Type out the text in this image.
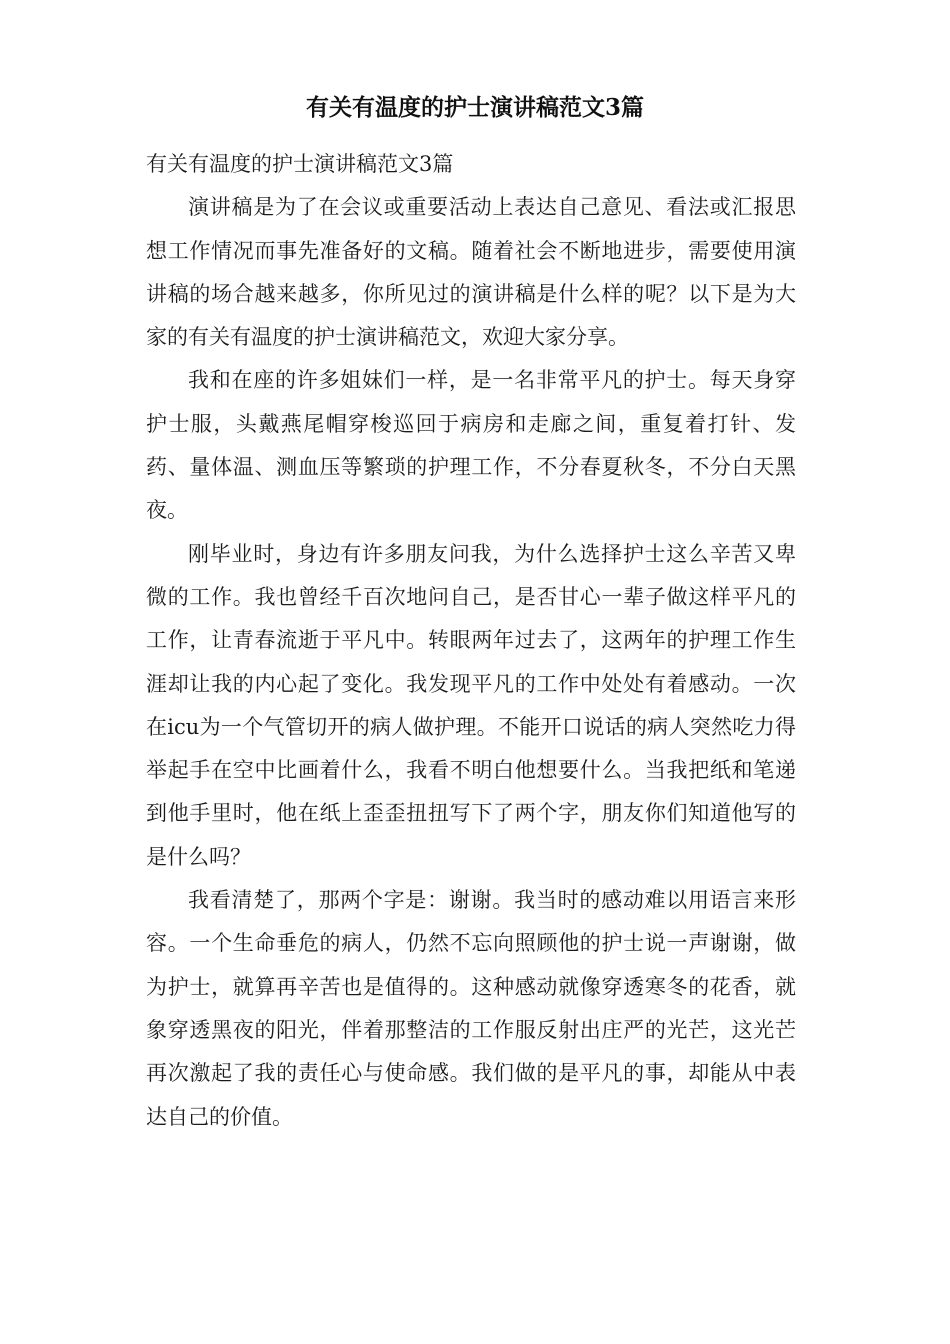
有关有温度的护士演讲稿范文3篇

有关有温度的护士演讲稿范文3篇

演讲稿是为了在会议或重要活动上表达自己意见、看法或汇报思想工作情况而事先准备好的文稿。随着社会不断地进步，需要使用演讲稿的场合越来越多，你所见过的演讲稿是什么样的呢？以下是为大家的有关有温度的护士演讲稿范文，欢迎大家分享。

我和在座的许多姐妹们一样，是一名非常平凡的护士。每天身穿护士服，头戴燕尾帽穿梭巡回于病房和走廊之间，重复着打针、发药、量体温、测血压等繁琐的护理工作，不分春夏秋冬，不分白天黑夜。

刚毕业时，身边有许多朋友问我，为什么选择护士这么辛苦又卑微的工作。我也曾经千百次地问自己，是否甘心一辈子做这样平凡的工作，让青春流逝于平凡中。转眼两年过去了，这两年的护理工作生涯却让我的内心起了变化。我发现平凡的工作中处处有着感动。一次在icu为一个气管切开的病人做护理。不能开口说话的病人突然吃力得举起手在空中比画着什么，我看不明白他想要什么。当我把纸和笔递到他手里时，他在纸上歪歪扭扭写下了两个字，朋友你们知道他写的是什么吗？

我看清楚了，那两个字是：谢谢。我当时的感动难以用语言来形容。一个生命垂危的病人，仍然不忘向照顾他的护士说一声谢谢，做为护士，就算再辛苦也是值得的。这种感动就像穿透寒冬的花香，就象穿透黑夜的阳光，伴着那整洁的工作服反射出庄严的光芒，这光芒再次激起了我的责任心与使命感。我们做的是平凡的事，却能从中表达自己的价值。
